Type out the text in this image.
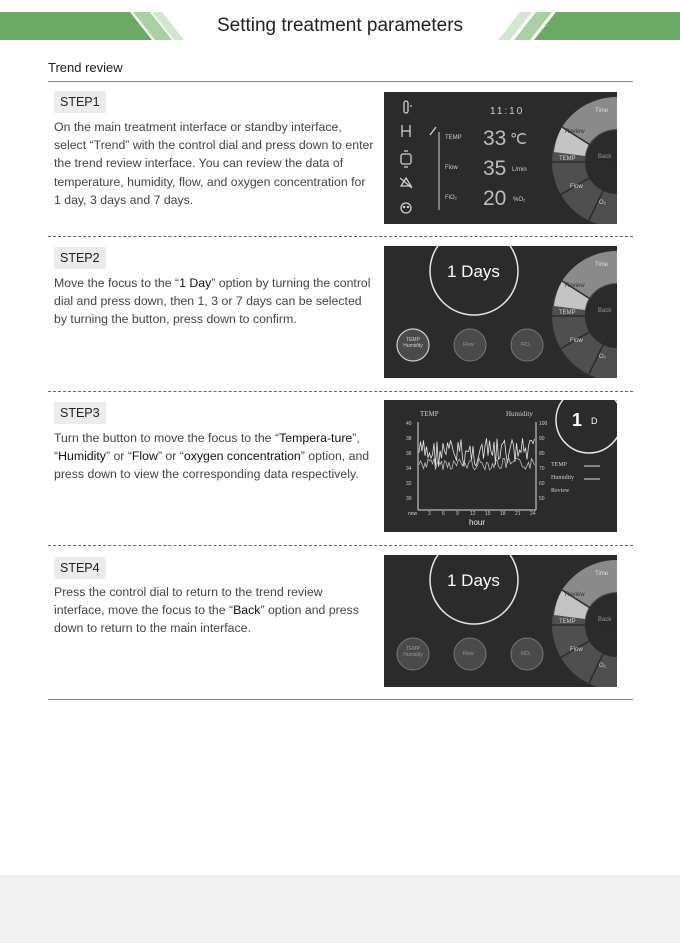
Setting treatment parameters
Trend review
STEP1
On the main treatment interface or standby interface, select “Trend” with the control dial and press down to enter the trend review interface. You can review the data of temperature, humidity, flow, and oxygen concentration for 1 day, 3 days and 7 days.
11:10
TEMP 33 ℃
Flow 35 L/min
FiO₂ 20 %O₂
Time
Review
Back
TEMP
Flow
O₂
STEP2
Move the focus to the “1 Day” option by turning the control dial and press down, then 1, 3 or 7 days can be selected by turning the button, press down to confirm.
1 Days
TEMP Humidity	Flow	FiO₂
Time
Review
Back
TEMP
Flow
O₂
STEP3
Turn the button to move the focus to the “Tempera-ture”, “Humidity” or “Flow” or “oxygen concentration” option, and press down to view the corresponding data respectively.
TEMP	Humidity 1 D
40
38
36
34
32
30
100
90
80
70
60
50
now 3 6 9 12 15 18 21 24
hour
TEMP
Humidity
Review
STEP4
Press the control dial to return to the trend review interface, move the focus to the “Back” option and press down to return to the main interface.
1 Days
TEMP Humidity	Flow	FiO₂
Time
Review
Back
TEMP
Flow
O₂
